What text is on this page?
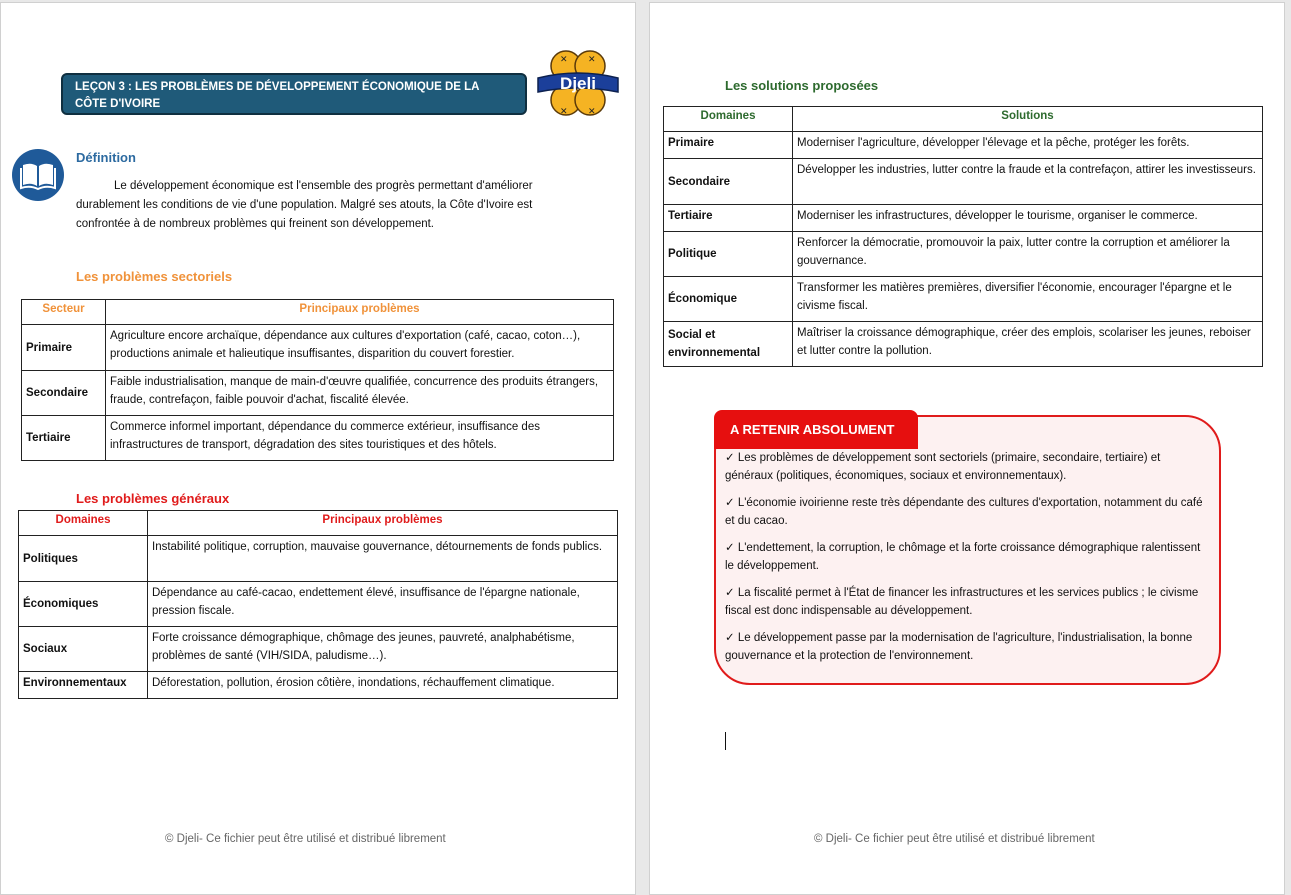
LEÇON 3 : LES PROBLÈMES DE DÉVELOPPEMENT ÉCONOMIQUE DE LA CÔTE D'IVOIRE
Djeli
✕ ✕
✕ ✕
Définition
Le développement économique est l'ensemble des progrès permettant d'améliorer durablement les conditions de vie d'une population. Malgré ses atouts, la Côte d'Ivoire est confrontée à de nombreux problèmes qui freinent son développement.
Les problèmes sectoriels
Secteur	Principaux problèmes
Primaire	Agriculture encore archaïque, dépendance aux cultures d'exportation (café, cacao, coton…), productions animale et halieutique insuffisantes, disparition du couvert forestier.
Secondaire	Faible industrialisation, manque de main-d'œuvre qualifiée, concurrence des produits étrangers, fraude, contrefaçon, faible pouvoir d'achat, fiscalité élevée.
Tertiaire	Commerce informel important, dépendance du commerce extérieur, insuffisance des infrastructures de transport, dégradation des sites touristiques et des hôtels.
Les problèmes généraux
Domaines	Principaux problèmes
Politiques	Instabilité politique, corruption, mauvaise gouvernance, détournements de fonds publics.
Économiques	Dépendance au café-cacao, endettement élevé, insuffisance de l'épargne nationale, pression fiscale.
Sociaux	Forte croissance démographique, chômage des jeunes, pauvreté, analphabétisme, problèmes de santé (VIH/SIDA, paludisme…).
Environnementaux	Déforestation, pollution, érosion côtière, inondations, réchauffement climatique.
© Djeli- Ce fichier peut être utilisé et distribué librement
Les solutions proposées
Domaines	Solutions
Primaire	Moderniser l'agriculture, développer l'élevage et la pêche, protéger les forêts.
Secondaire	Développer les industries, lutter contre la fraude et la contrefaçon, attirer les investisseurs.
Tertiaire	Moderniser les infrastructures, développer le tourisme, organiser le commerce.
Politique	Renforcer la démocratie, promouvoir la paix, lutter contre la corruption et améliorer la gouvernance.
Économique	Transformer les matières premières, diversifier l'économie, encourager l'épargne et le civisme fiscal.
Social et environnemental	Maîtriser la croissance démographique, créer des emplois, scolariser les jeunes, reboiser et lutter contre la pollution.
A RETENIR ABSOLUMENT

✓ Les problèmes de développement sont sectoriels (primaire, secondaire, tertiaire) et généraux (politiques, économiques, sociaux et environnementaux).

✓ L'économie ivoirienne reste très dépendante des cultures d'exportation, notamment du café et du cacao.

✓ L'endettement, la corruption, le chômage et la forte croissance démographique ralentissent le développement.

✓ La fiscalité permet à l'État de financer les infrastructures et les services publics ; le civisme fiscal est donc indispensable au développement.

✓ Le développement passe par la modernisation de l'agriculture, l'industrialisation, la bonne gouvernance et la protection de l'environnement.

© Djeli- Ce fichier peut être utilisé et distribué librement
